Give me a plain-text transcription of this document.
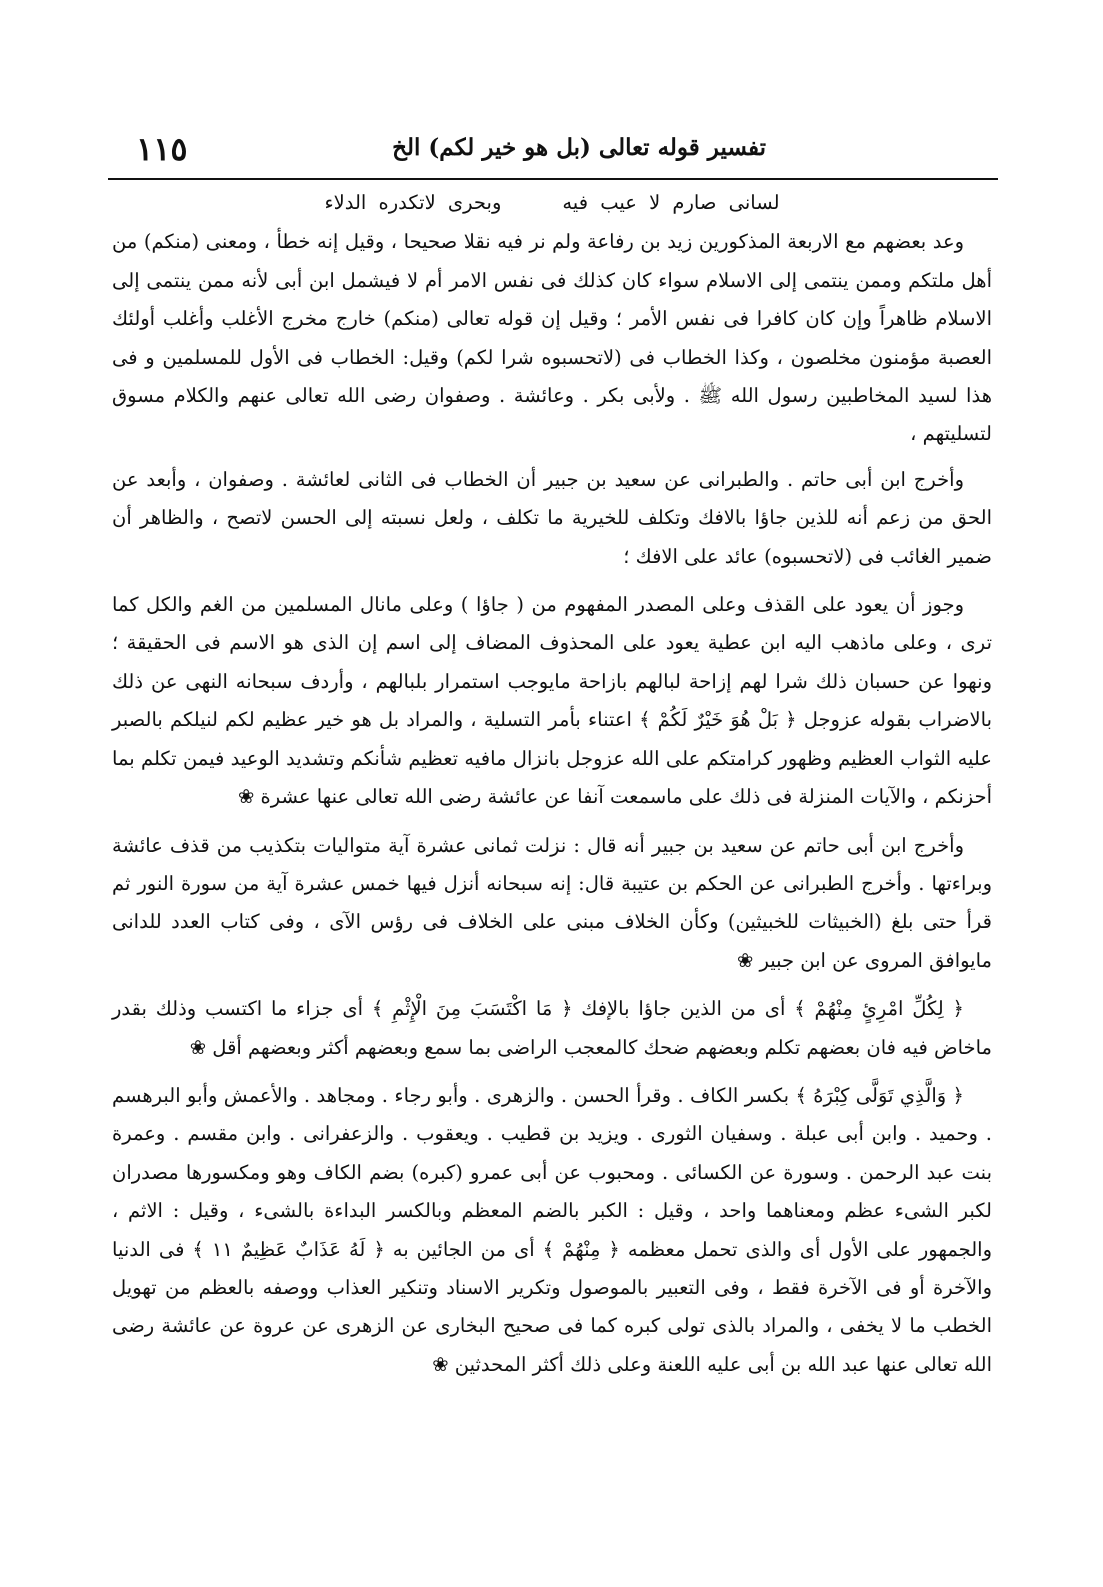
١١٥	تفسير قوله تعالى (بل هو خير لكم) الخ
لسانى صارم لا عيب فيه     وبحرى لاتكدره الدلاء

وعد بعضهم مع الاربعة المذكورين زيد بن رفاعة ولم نر فيه نقلا صحيحا ، وقيل إنه خطأ ، ومعنى (منكم) من أهل ملتكم وممن ينتمى إلى الاسلام سواء كان كذلك فى نفس الامر أم لا فيشمل ابن أبى لأنه ممن ينتمى إلى الاسلام ظاهراً وإن كان كافرا فى نفس الأمر ؛ وقيل إن قوله تعالى (منكم) خارج مخرج الأغلب وأغلب أولئك العصبة مؤمنون مخلصون ، وكذا الخطاب فى (لاتحسبوه شرا لكم) وقيل: الخطاب فى الأول للمسلمين و فى هذا لسيد المخاطبين رسول الله ﷺ . ولأبى بكر . وعائشة . وصفوان رضى الله تعالى عنهم والكلام مسوق لتسليتهم ،

وأخرج ابن أبى حاتم . والطبرانى عن سعيد بن جبير أن الخطاب فى الثانى لعائشة . وصفوان ، وأبعد عن الحق من زعم أنه للذين جاؤا بالافك وتكلف للخيرية ما تكلف ، ولعل نسبته إلى الحسن لاتصح ، والظاهر أن ضمير الغائب فى (لاتحسبوه) عائد على الافك ؛

وجوز أن يعود على القذف وعلى المصدر المفهوم من ( جاؤا ) وعلى مانال المسلمين من الغم والكل كما ترى ، وعلى ماذهب اليه ابن عطية يعود على المحذوف المضاف إلى اسم إن الذى هو الاسم فى الحقيقة ؛ ونهوا عن حسبان ذلك شرا لهم إزاحة لبالهم بازاحة مايوجب استمرار بلبالهم ، وأردف سبحانه النهى عن ذلك بالاضراب بقوله عزوجل ﴿ بَلْ هُوَ خَيْرٌ لَكُمْ ﴾ اعتناء بأمر التسلية ، والمراد بل هو خير عظيم لكم لنيلكم بالصبر عليه الثواب العظيم وظهور كرامتكم على الله عزوجل بانزال مافيه تعظيم شأنكم وتشديد الوعيد فيمن تكلم بما أحزنكم ، والآيات المنزلة فى ذلك على ماسمعت آنفا عن عائشة رضى الله تعالى عنها عشرة ❀

وأخرج ابن أبى حاتم عن سعيد بن جبير أنه قال : نزلت ثمانى عشرة آية متواليات بتكذيب من قذف عائشة وبراءتها . وأخرج الطبرانى عن الحكم بن عتيبة قال: إنه سبحانه أنزل فيها خمس عشرة آية من سورة النور ثم قرأ حتى بلغ (الخبيثات للخبيثين) وكأن الخلاف مبنى على الخلاف فى رؤس الآى ، وفى كتاب العدد للدانى مايوافق المروى عن ابن جبير ❀

﴿ لِكُلِّ امْرِئٍ مِنْهُمْ ﴾ أى من الذين جاؤا بالإفك ﴿ مَا اكْتَسَبَ مِنَ الْإِثْمِ ﴾ أى جزاء ما اكتسب وذلك بقدر ماخاض فيه فان بعضهم تكلم وبعضهم ضحك كالمعجب الراضى بما سمع وبعضهم أكثر وبعضهم أقل ❀

﴿ وَالَّذِي تَوَلَّى كِبْرَهُ ﴾ بكسر الكاف . وقرأ الحسن . والزهرى . وأبو رجاء . ومجاهد . والأعمش وأبو البرهسم . وحميد . وابن أبى عبلة . وسفيان الثورى . ويزيد بن قطيب . ويعقوب . والزعفرانى . وابن مقسم . وعمرة بنت عبد الرحمن . وسورة عن الكسائى . ومحبوب عن أبى عمرو (كبره) بضم الكاف وهو ومكسورها مصدران لكبر الشىء عظم ومعناهما واحد ، وقيل : الكبر بالضم المعظم وبالكسر البداءة بالشىء ، وقيل : الاثم ، والجمهور على الأول أى والذى تحمل معظمه ﴿ مِنْهُمْ ﴾ أى من الجائين به ﴿ لَهُ عَذَابٌ عَظِيمٌ ١١ ﴾ فى الدنيا والآخرة أو فى الآخرة فقط ، وفى التعبير بالموصول وتكرير الاسناد وتنكير العذاب ووصفه بالعظم من تهويل الخطب ما لا يخفى ، والمراد بالذى تولى كبره كما فى صحيح البخارى عن الزهرى عن عروة عن عائشة رضى الله تعالى عنها عبد الله بن أبى عليه اللعنة وعلى ذلك أكثر المحدثين ❀
